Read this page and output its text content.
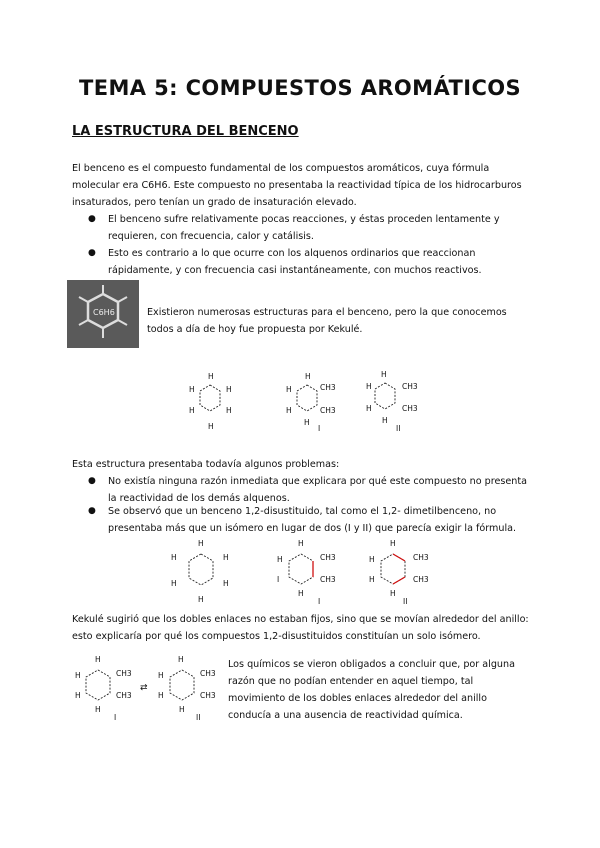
TEMA 5: COMPUESTOS AROMÁTICOS
LA ESTRUCTURA DEL BENCENO
El benceno es el compuesto fundamental de los compuestos aromáticos, cuya fórmula molecular era C6H6. Este compuesto no presentaba la reactividad típica de los hidrocarburos insaturados, pero tenían un grado de insaturación elevado.
●	El benceno sufre relativamente pocas reacciones, y éstas proceden lentamente y requieren, con frecuencia, calor y catálisis.
●	Esto es contrario a lo que ocurre con los alquenos ordinarios que reaccionan rápidamente, y con frecuencia casi instantáneamente, con muchos reactivos.
C6H6	Existieron numerosas estructuras para el benceno, pero la que conocemos todos a día de hoy fue propuesta por Kekulé.
H
H	H
H	H
H
H
H	CH3
H	CH3
H
I
H
H	CH3
H	CH3
H
II
Esta estructura presentaba todavía algunos problemas:
●	No existía ninguna razón inmediata que explicara por qué este compuesto no presenta la reactividad de los demás alquenos.
●	Se observó que un benceno 1,2-disustituido, tal como el 1,2- dimetilbenceno, no presentaba más que un isómero en lugar de dos (I y II) que parecía exigir la fórmula.
H
H	H
H	H
H
H
H	CH3
I	CH3
H
I
H
H	CH3
H	CH3
H
II
Kekulé sugirió que los dobles enlaces no estaban fijos, sino que se movían alrededor del anillo: esto explicaría por qué los compuestos 1,2-disustituidos constituían un solo isómero.
H
H	CH3
H	CH3
H
I
⇄
H
H	CH3
H	CH3
H
II
Los químicos se vieron obligados a concluir que, por alguna razón que no podían entender en aquel tiempo, tal movimiento de los dobles enlaces alrededor del anillo conducía a una ausencia de reactividad química.
